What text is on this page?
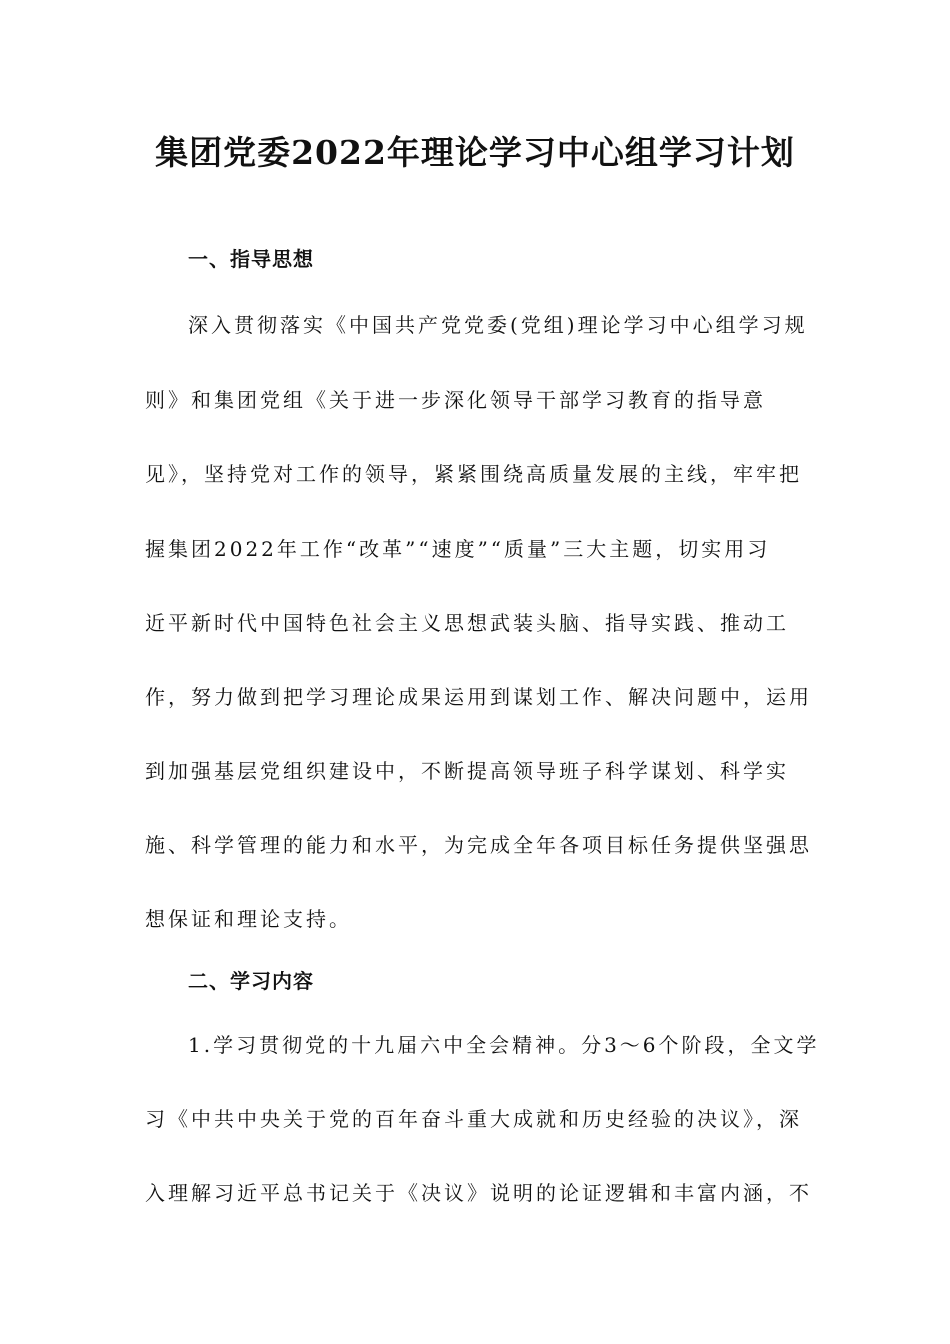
集团党委2022年理论学习中心组学习计划
一、指导思想
深入贯彻落实《中国共产党党委(党组)理论学习中心组学习规
则》和集团党组《关于进一步深化领导干部学习教育的指导意
见》，坚持党对工作的领导，紧紧围绕高质量发展的主线，牢牢把
握集团2022年工作“改革”“速度”“质量”三大主题，切实用习
近平新时代中国特色社会主义思想武装头脑、指导实践、推动工
作，努力做到把学习理论成果运用到谋划工作、解决问题中，运用
到加强基层党组织建设中，不断提高领导班子科学谋划、科学实
施、科学管理的能力和水平，为完成全年各项目标任务提供坚强思
想保证和理论支持。
二、学习内容
1.学习贯彻党的十九届六中全会精神。分3～6个阶段，全文学
习《中共中央关于党的百年奋斗重大成就和历史经验的决议》，深
入理解习近平总书记关于《决议》说明的论证逻辑和丰富内涵，不
